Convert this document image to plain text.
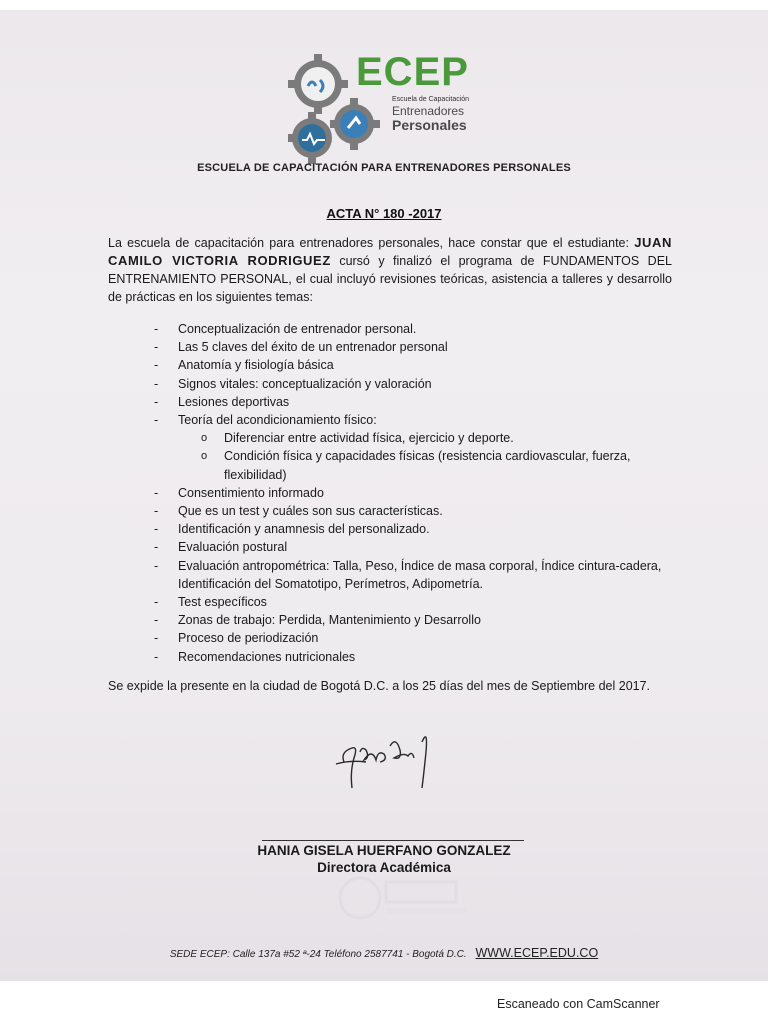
ECEP
Escuela de Capacitación
Entrenadores
Personales
ESCUELA DE CAPACITACIÓN PARA ENTRENADORES PERSONALES
ACTA N° 180 -2017
La escuela de capacitación para entrenadores personales, hace constar que el estudiante: JUAN CAMILO VICTORIA RODRIGUEZ cursó y finalizó el programa de FUNDAMENTOS DEL ENTRENAMIENTO PERSONAL, el cual incluyó revisiones teóricas, asistencia a talleres y desarrollo de prácticas en los siguientes temas:
- Conceptualización de entrenador personal.
- Las 5 claves del éxito de un entrenador personal
- Anatomía y fisiología básica
- Signos vitales: conceptualización y valoración
- Lesiones deportivas
- Teoría del acondicionamiento físico:
o Diferenciar entre actividad física, ejercicio y deporte.
o Condición física y capacidades físicas (resistencia cardiovascular, fuerza, flexibilidad)
- Consentimiento informado
- Que es un test y cuáles son sus características.
- Identificación y anamnesis del personalizado.
- Evaluación postural
- Evaluación antropométrica: Talla, Peso, Índice de masa corporal, Índice cintura-cadera, Identificación del Somatotipo, Perímetros, Adipometría.
- Test específicos
- Zonas de trabajo: Perdida, Mantenimiento y Desarrollo
- Proceso de periodización
- Recomendaciones nutricionales
Se expide la presente en la ciudad de Bogotá D.C. a los 25 días del mes de Septiembre del 2017.
HANIA GISELA HUERFANO GONZALEZ
Directora Académica
SEDE ECEP: Calle 137a #52 ª-24 Teléfono 2587741 - Bogotá D.C. WWW.ECEP.EDU.CO
Escaneado con CamScanner
